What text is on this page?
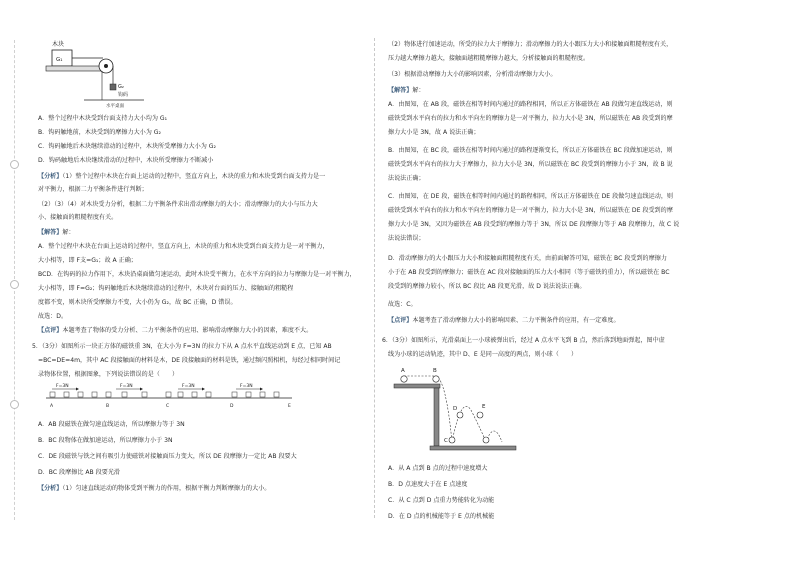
木块
G₁
G₂
钩码
水平桌面
A．整个过程中木块受到台面支持力大小均为 G₁
B．钩码触地前，木块受到的摩擦力大小为 G₂
C．钩码触地后木块继续滑动的过程中，木块所受摩擦力大小为 G₂
D．钩码触地后木块继续滑动的过程中，木块所受摩擦力不断减小
【分析】（1）整个过程中木块在台面上运动的过程中，竖直方向上，木块的重力和木块受到台面支持力是一
对平衡力，根据二力平衡条件进行判断；
（2）（3）（4）对木块受力分析，根据二力平衡条件求出滑动摩擦力的大小；滑动摩擦力的大小与压力大
小、接触面的粗糙程度有关。
【解答】解：
A．整个过程中木块在台面上运动的过程中，竖直方向上，木块的重力和木块受到台面支持力是一对平衡力，
大小相等，即 F支=G₁；故 A 正确；
BCD．在钩码的拉力作用下，木块沿桌面做匀速运动，此时木块受平衡力，在水平方向的拉力与摩擦力是一对平衡力，
大小相等，即 F=G₂；钩码触地后木块继续滑动的过程中，木块对台面的压力、接触面的粗糙程
度都不变，则木块所受摩擦力不变，大小仍为 G₂，故 BC 正确，D 错误。
故选：D。
【点评】本题考查了物体的受力分析、二力平衡条件的应用、影响滑动摩擦力大小的因素，难度不大。
5．（3分）如图所示一块正方体的磁铁重 3N，在大小为 F=3N 的拉力下从 A 点水平直线运动到 E 点，已知 AB
=BC=DE=4m，其中 AC 段接触面的材料是木，DE 段接触面的材料是铁，通过频闪照相机，每经过相同时间记
录物体位置，根据图象，下列说法错误的是（　　）
F=3N	F=3N	F=3N	F=3N
A	B	C	D	E
A．AB 段磁铁在做匀速直线运动，所以摩擦力等于 3N
B．BC 段物体在做加速运动，所以摩擦力小于 3N
C．DE 段磁铁与铁之间有吸引力使磁铁对接触面压力变大，所以 DE 段摩擦力一定比 AB 段要大
D．BC 段摩擦比 AB 段要光滑
【分析】（1）匀速直线运动的物体受到平衡力的作用，根据平衡力判断摩擦力的大小。
（2）物体进行加速运动，所受的拉力大于摩擦力；滑动摩擦力的大小跟压力大小和接触面粗糙程度有关，
压力越大摩擦力越大，接触面越粗糙摩擦力越大，分析接触面的粗糙程度。
（3）根据滑动摩擦力大小的影响因素，分析滑动摩擦力大小。
【解答】解：
A．由图知，在 AB 段，磁铁在相等时间内通过的路程相同，所以正方体磁铁在 AB 段做匀速直线运动，则
磁铁受到水平向右的拉力和水平向左的摩擦力是一对平衡力，拉力大小是 3N，所以磁铁在 AB 段受到的摩
擦力大小是 3N，故 A 说法正确；
B．由图知，在 BC 段，磁铁在相等时间内通过的路程逐渐变长，所以正方体磁铁在 BC 段做加速运动，则
磁铁受到水平向右的拉力大于摩擦力，拉力大小是 3N，所以磁铁在 BC 段受到的摩擦力小于 3N，故 B 说
法说法正确；
C．由图知，在 DE 段，磁铁在相等时间内通过的路程相同，所以正方体磁铁在 DE 段做匀速直线运动，则
磁铁受到水平向右的拉力和水平向左的摩擦力是一对平衡力，拉力大小是 3N，所以磁铁在 DE 段受到的摩
擦力大小是 3N，又因为磁铁在 AB 段受到的摩擦力等于 3N，所以 DE 段摩擦力等于 AB 段摩擦力，故 C 说
法说法错误；
D．滑动摩擦力的大小跟压力大小和接触面粗糙程度有关，由前面解答可知，磁铁在 BC 段受到的摩擦力
小于在 AB 段受到的摩擦力；磁铁在 AC 段对接触面的压力大小相同（等于磁铁的重力），所以磁铁在 BC
段受到的摩擦力较小，所以 BC 段比 AB 段更光滑，故 D 说法说法正确。
故选：C。
【点评】本题考查了滑动摩擦力大小的影响因素、二力平衡条件的应用，有一定难度。
6．（3分）如图所示，光滑桌面上一小球被弹出后，经过 A 点水平飞到 B 点，然后落到地面弹起，图中虚
线为小球的运动轨迹，其中 D、E 是同一高度的两点，则小球（　　）
A	B
C
D	E
A．从 A 点到 B 点的过程中速度增大
B．D 点速度大于在 E 点速度
C．从 C 点到 D 点重力势能转化为动能
D．在 D 点的机械能等于 E 点的机械能
